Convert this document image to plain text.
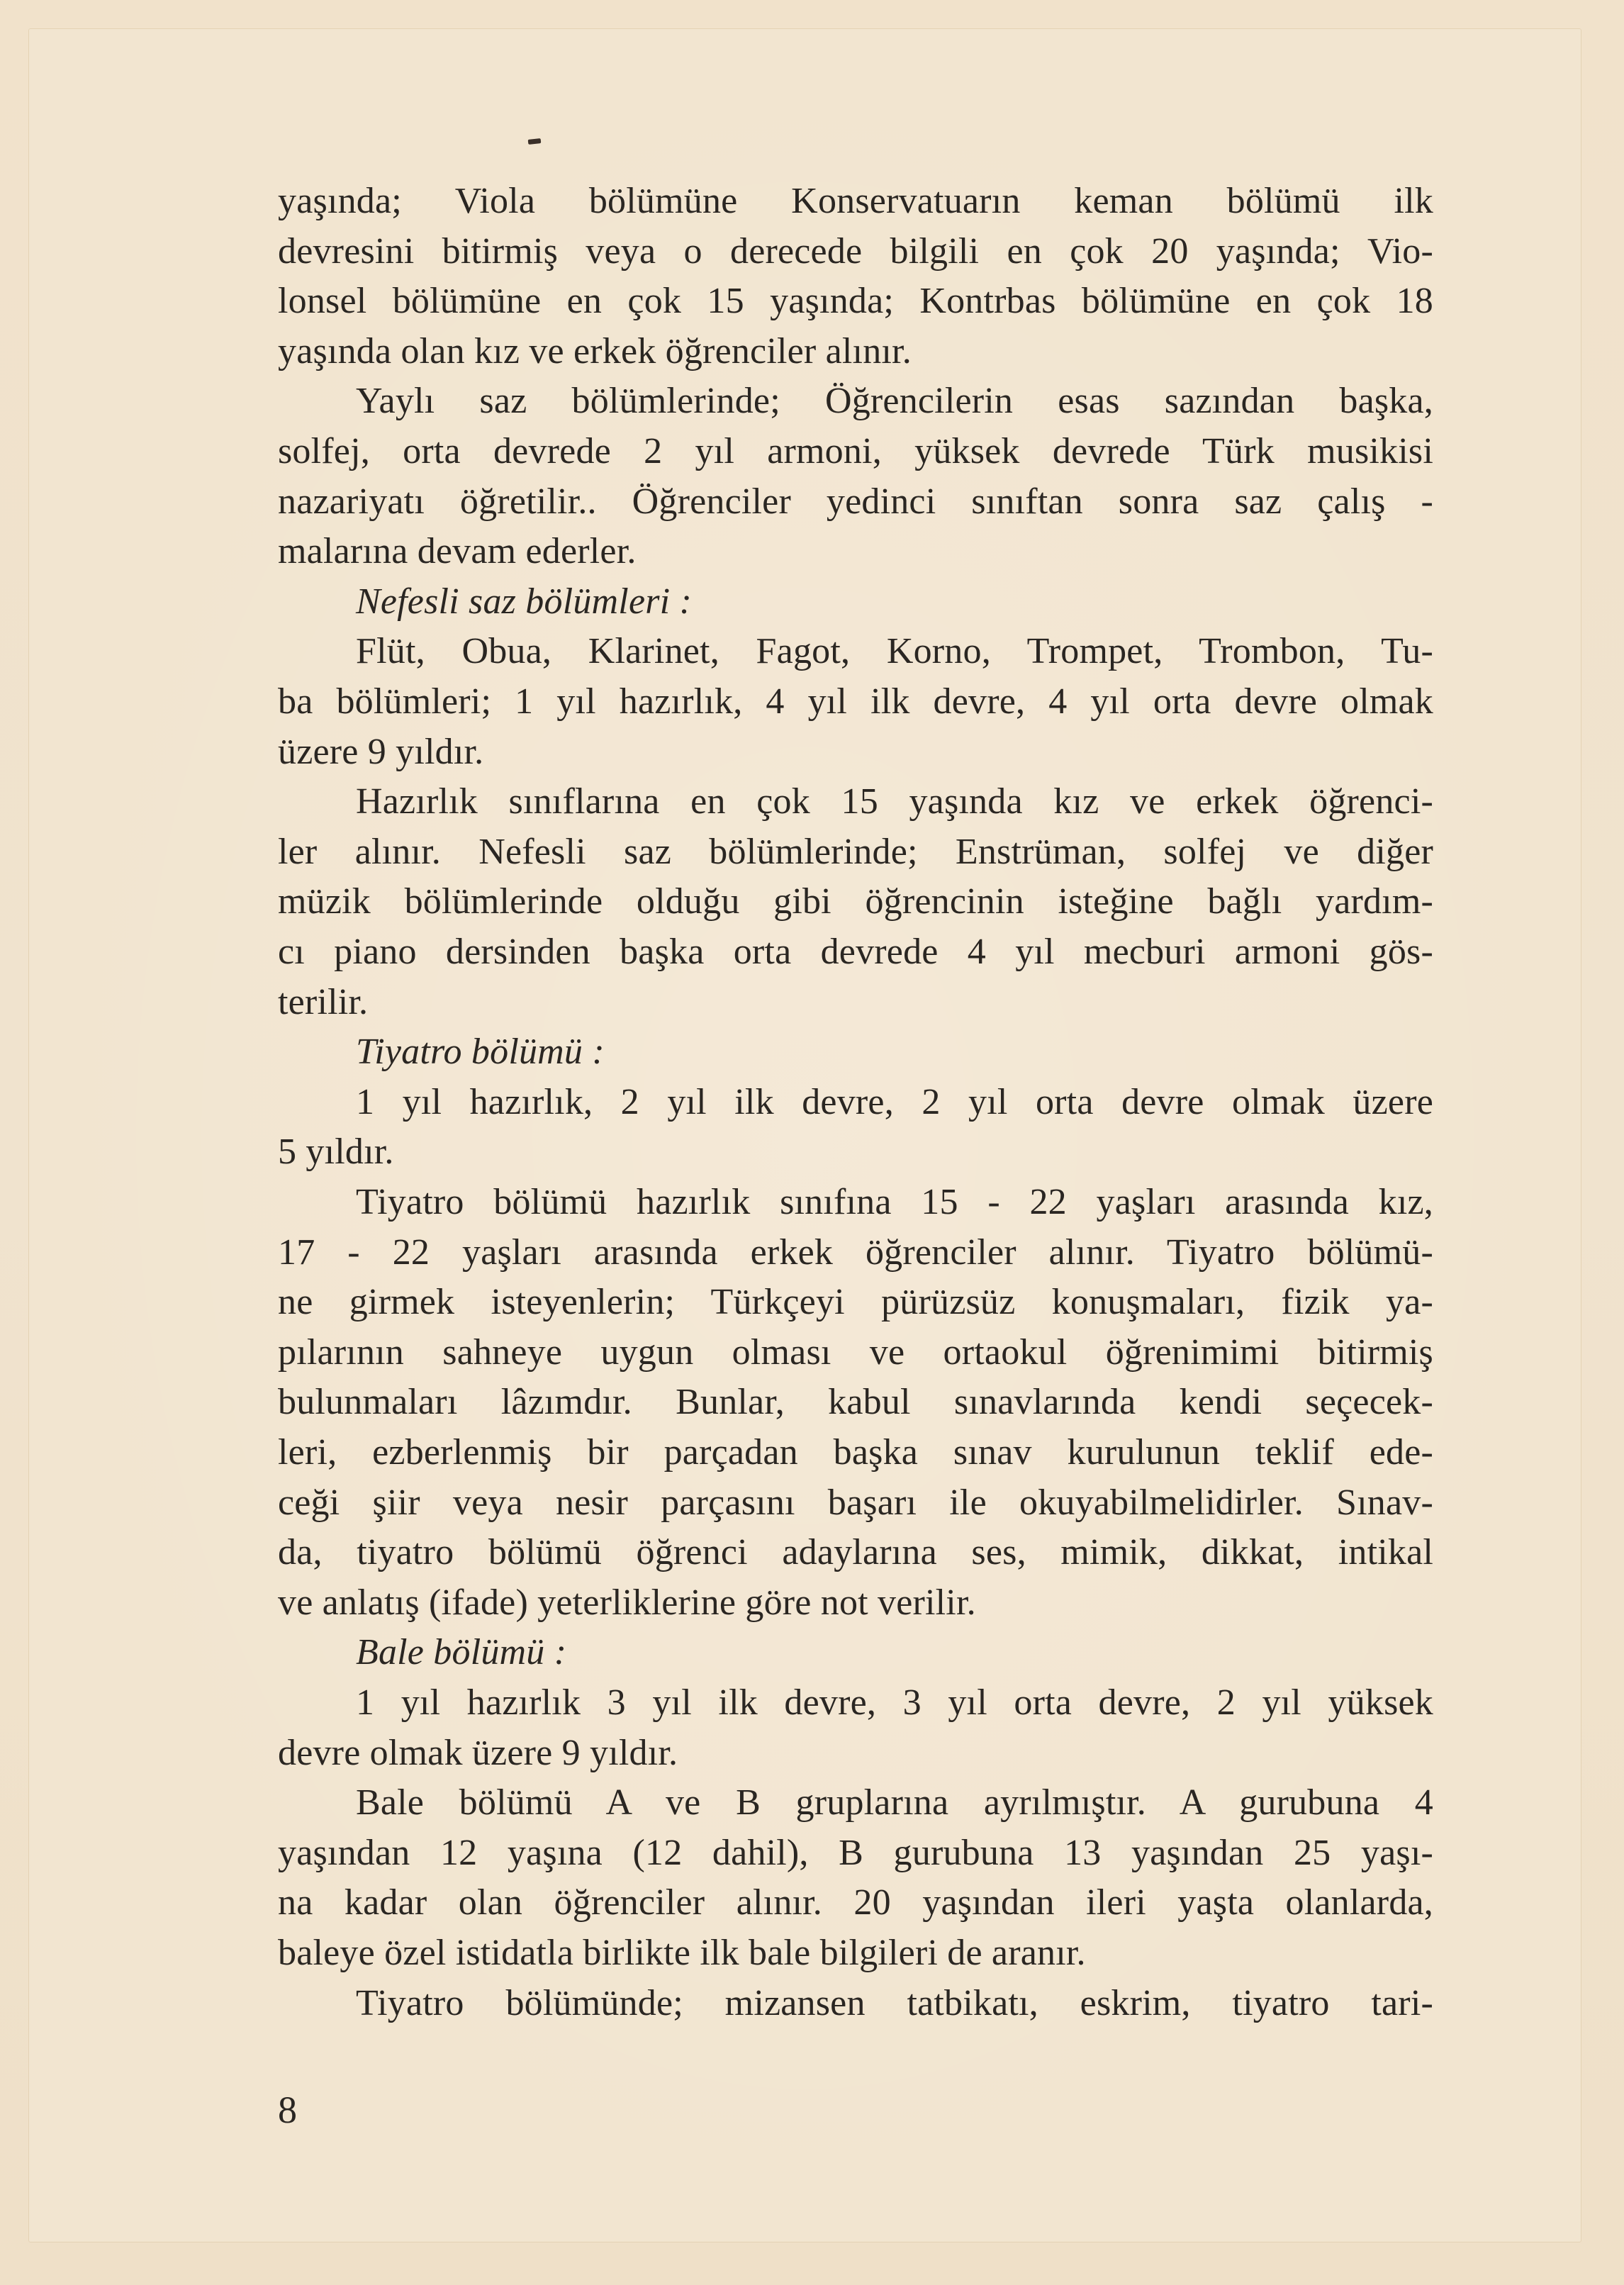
yaşında; Viola bölümüne Konservatuarın keman bölümü ilk

devresini bitirmiş veya o derecede bilgili en çok 20 yaşında; Vio-

lonsel bölümüne en çok 15 yaşında; Kontrbas bölümüne en çok 18

yaşında olan kız ve erkek öğrenciler alınır.

Yaylı saz bölümlerinde; Öğrencilerin esas sazından başka,

solfej, orta devrede 2 yıl armoni, yüksek devrede Türk musikisi

nazariyatı öğretilir.. Öğrenciler yedinci sınıftan sonra saz çalış -

malarına devam ederler.

Nefesli saz bölümleri :

Flüt, Obua, Klarinet, Fagot, Korno, Trompet, Trombon, Tu-

ba bölümleri; 1 yıl hazırlık, 4 yıl ilk devre, 4 yıl orta devre olmak

üzere 9 yıldır.

Hazırlık sınıflarına en çok 15 yaşında kız ve erkek öğrenci-

ler alınır. Nefesli saz bölümlerinde; Enstrüman, solfej ve diğer

müzik bölümlerinde olduğu gibi öğrencinin isteğine bağlı yardım-

cı piano dersinden başka orta devrede 4 yıl mecburi armoni gös-

terilir.

Tiyatro bölümü :

1 yıl hazırlık, 2 yıl ilk devre, 2 yıl orta devre olmak üzere

5 yıldır.

Tiyatro bölümü hazırlık sınıfına 15 - 22 yaşları arasında kız,

17 - 22 yaşları arasında erkek öğrenciler alınır. Tiyatro bölümü-

ne girmek isteyenlerin; Türkçeyi pürüzsüz konuşmaları, fizik ya-

pılarının sahneye uygun olması ve ortaokul öğrenimimi bitirmiş

bulunmaları lâzımdır. Bunlar, kabul sınavlarında kendi seçecek-

leri, ezberlenmiş bir parçadan başka sınav kurulunun teklif ede-

ceği şiir veya nesir parçasını başarı ile okuyabilmelidirler. Sınav-

da, tiyatro bölümü öğrenci adaylarına ses, mimik, dikkat, intikal

ve anlatış (ifade) yeterliklerine göre not verilir.

Bale bölümü :

1 yıl hazırlık 3 yıl ilk devre, 3 yıl orta devre, 2 yıl yüksek

devre olmak üzere 9 yıldır.

Bale bölümü A ve B gruplarına ayrılmıştır. A gurubuna 4

yaşından 12 yaşına (12 dahil), B gurubuna 13 yaşından 25 yaşı-

na kadar olan öğrenciler alınır. 20 yaşından ileri yaşta olanlarda,

baleye özel istidatla birlikte ilk bale bilgileri de aranır.

Tiyatro bölümünde; mizansen tatbikatı, eskrim, tiyatro tari-

8
